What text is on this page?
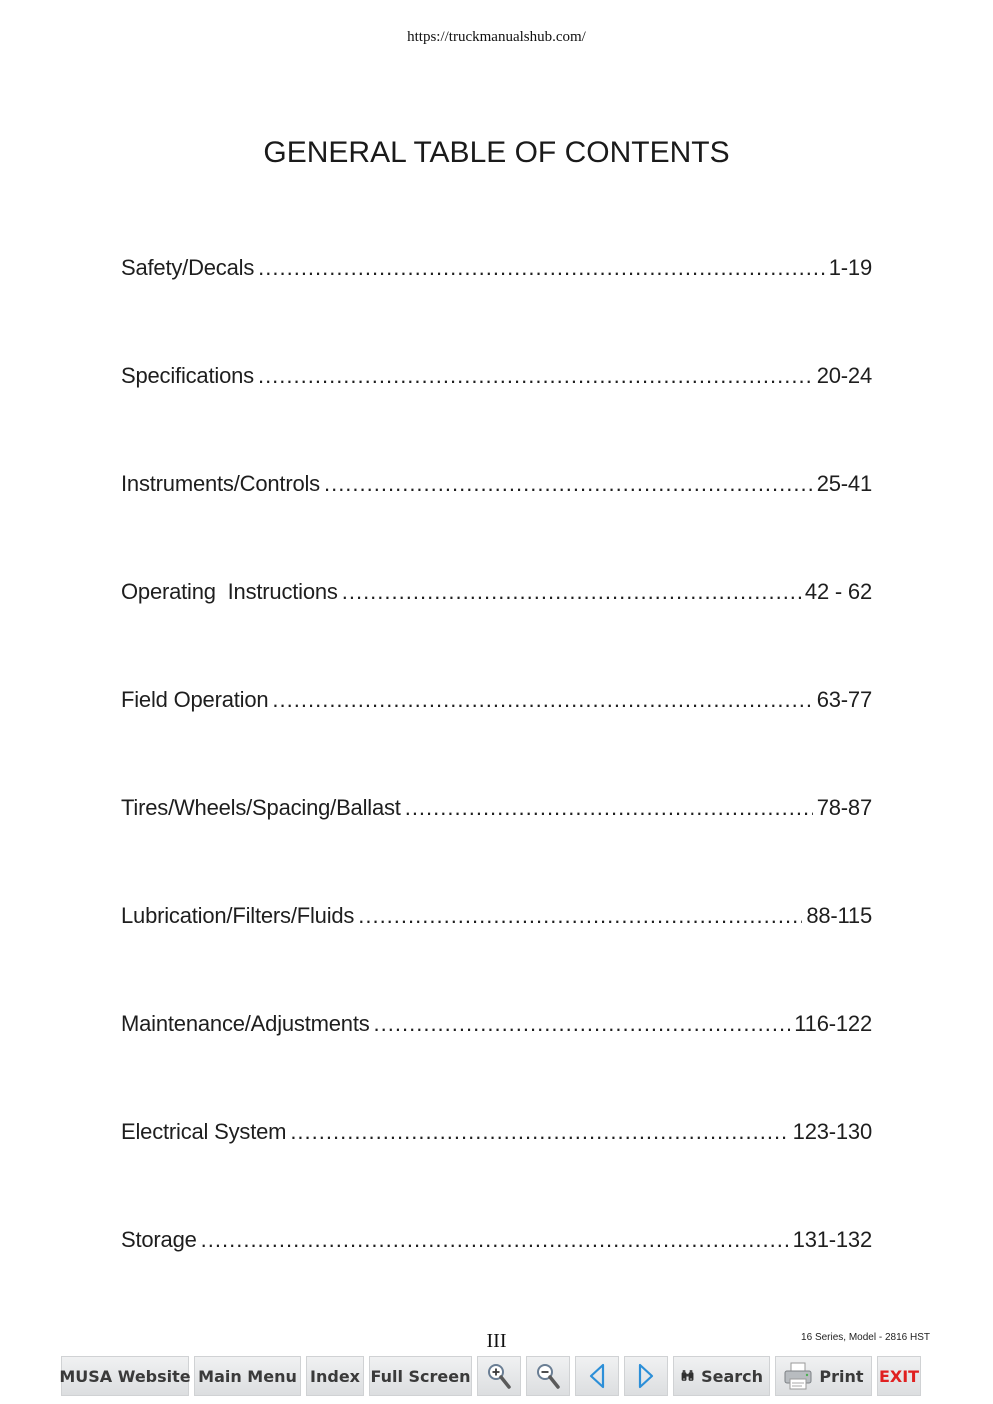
https://truckmanualshub.com/
GENERAL TABLE OF CONTENTS
Safety/Decals .....	1-19
Specifications .....	20-24
Instruments/Controls .....	25-41
Operating  Instructions .....	42 - 62
Field Operation .....	63-77
Tires/Wheels/Spacing/Ballast .....	78-87
Lubrication/Filters/Fluids .....	88-115
Maintenance/Adjustments .....	116-122
Electrical System .....	123-130
Storage .....	131-132
III	16 Series, Model - 2816 HST
MUSA Website Main Menu Index Full Screen	Search	Print EXIT
